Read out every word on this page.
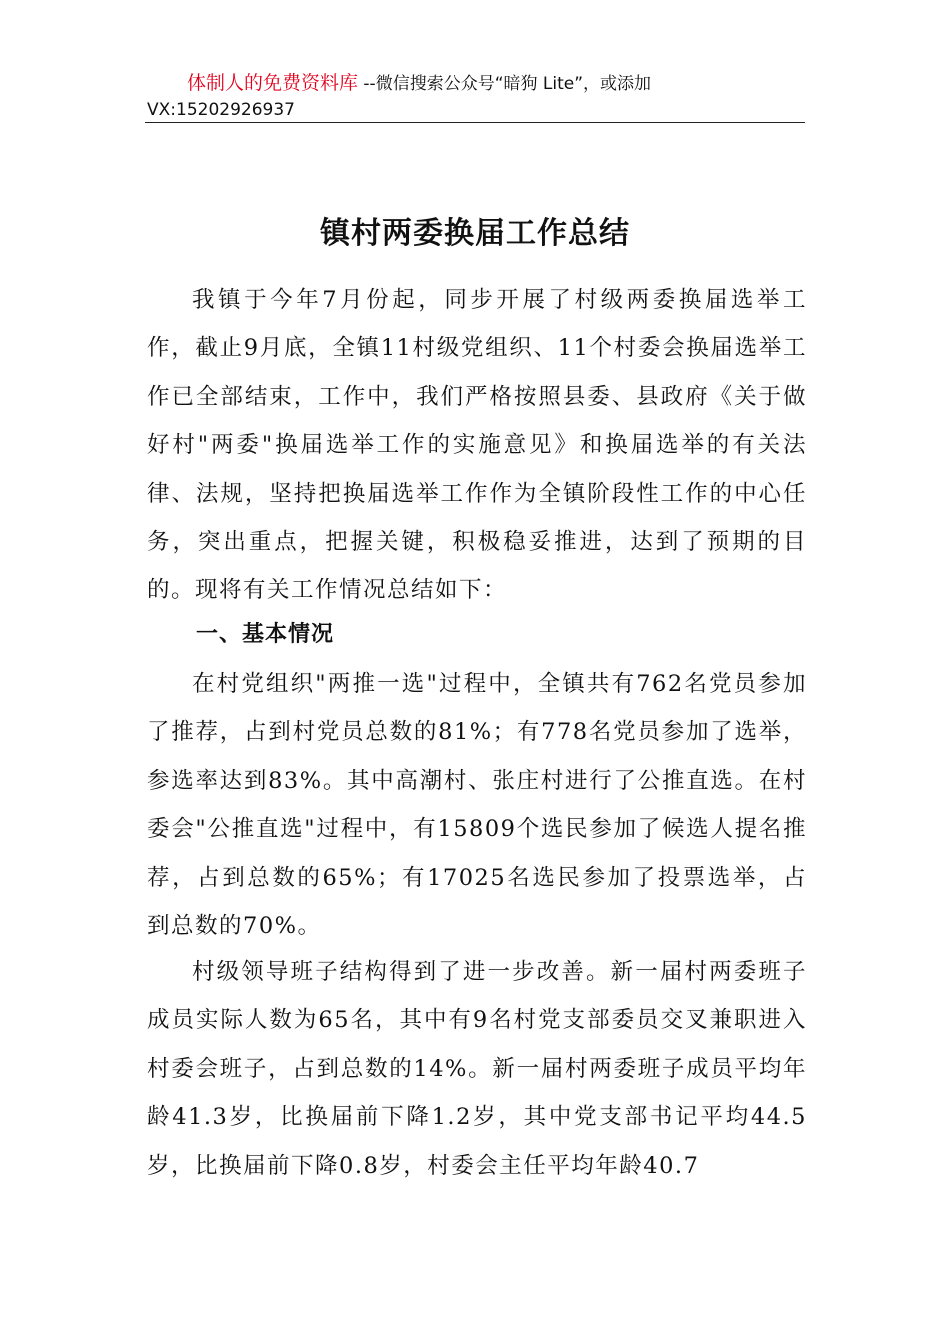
体制人的免费资料库 --微信搜索公众号“暗狗 Lite”，或添加
VX:15202926937
镇村两委换届工作总结

我镇于今年7月份起，同步开展了村级两委换届选举工作，截止9月底，全镇11村级党组织、11个村委会换届选举工作已全部结束，工作中，我们严格按照县委、县政府《关于做好村"两委"换届选举工作的实施意见》和换届选举的有关法律、法规，坚持把换届选举工作作为全镇阶段性工作的中心任务，突出重点，把握关键，积极稳妥推进，达到了预期的目的。现将有关工作情况总结如下：

一、基本情况

在村党组织"两推一选"过程中，全镇共有762名党员参加了推荐，占到村党员总数的81%；有778名党员参加了选举，参选率达到83%。其中高潮村、张庄村进行了公推直选。在村委会"公推直选"过程中，有15809个选民参加了候选人提名推荐，占到总数的65%；有17025名选民参加了投票选举，占到总数的70%。

村级领导班子结构得到了进一步改善。新一届村两委班子成员实际人数为65名，其中有9名村党支部委员交叉兼职进入村委会班子，占到总数的14%。新一届村两委班子成员平均年龄41.3岁，比换届前下降1.2岁，其中党支部书记平均44.5岁，比换届前下降0.8岁，村委会主任平均年龄40.7
